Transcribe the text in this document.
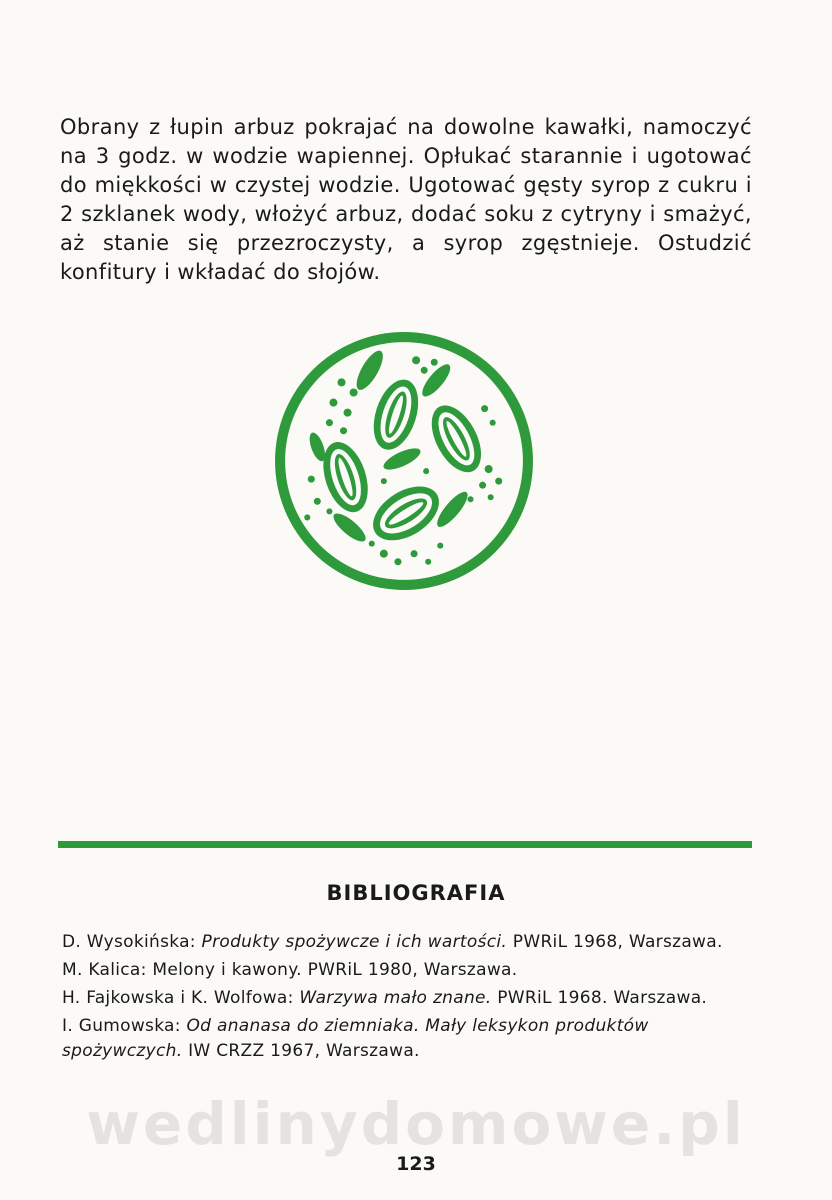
Obrany z łupin arbuz pokrajać na dowolne kawałki, namoczyć na 3 godz. w wodzie wapiennej. Opłukać starannie i ugotować do miękkości w czystej wodzie. Ugotować gęsty syrop z cukru i 2 szklanek wody, włożyć arbuz, dodać soku z cytryny i smażyć, aż stanie się przezroczysty, a syrop zgęstnieje. Ostudzić konfitury i wkładać do słojów.

BIBLIOGRAFIA

D. Wysokińska: Produkty spożywcze i ich wartości. PWRiL 1968, Warszawa.

M. Kalica: Melony i kawony. PWRiL 1980, Warszawa.

H. Fajkowska i K. Wolfowa: Warzywa mało znane. PWRiL 1968. Warszawa.

I. Gumowska: Od ananasa do ziemniaka. Mały leksykon produktów spożywczych. IW CRZZ 1967, Warszawa.

wedlinydomowe.pl
123
